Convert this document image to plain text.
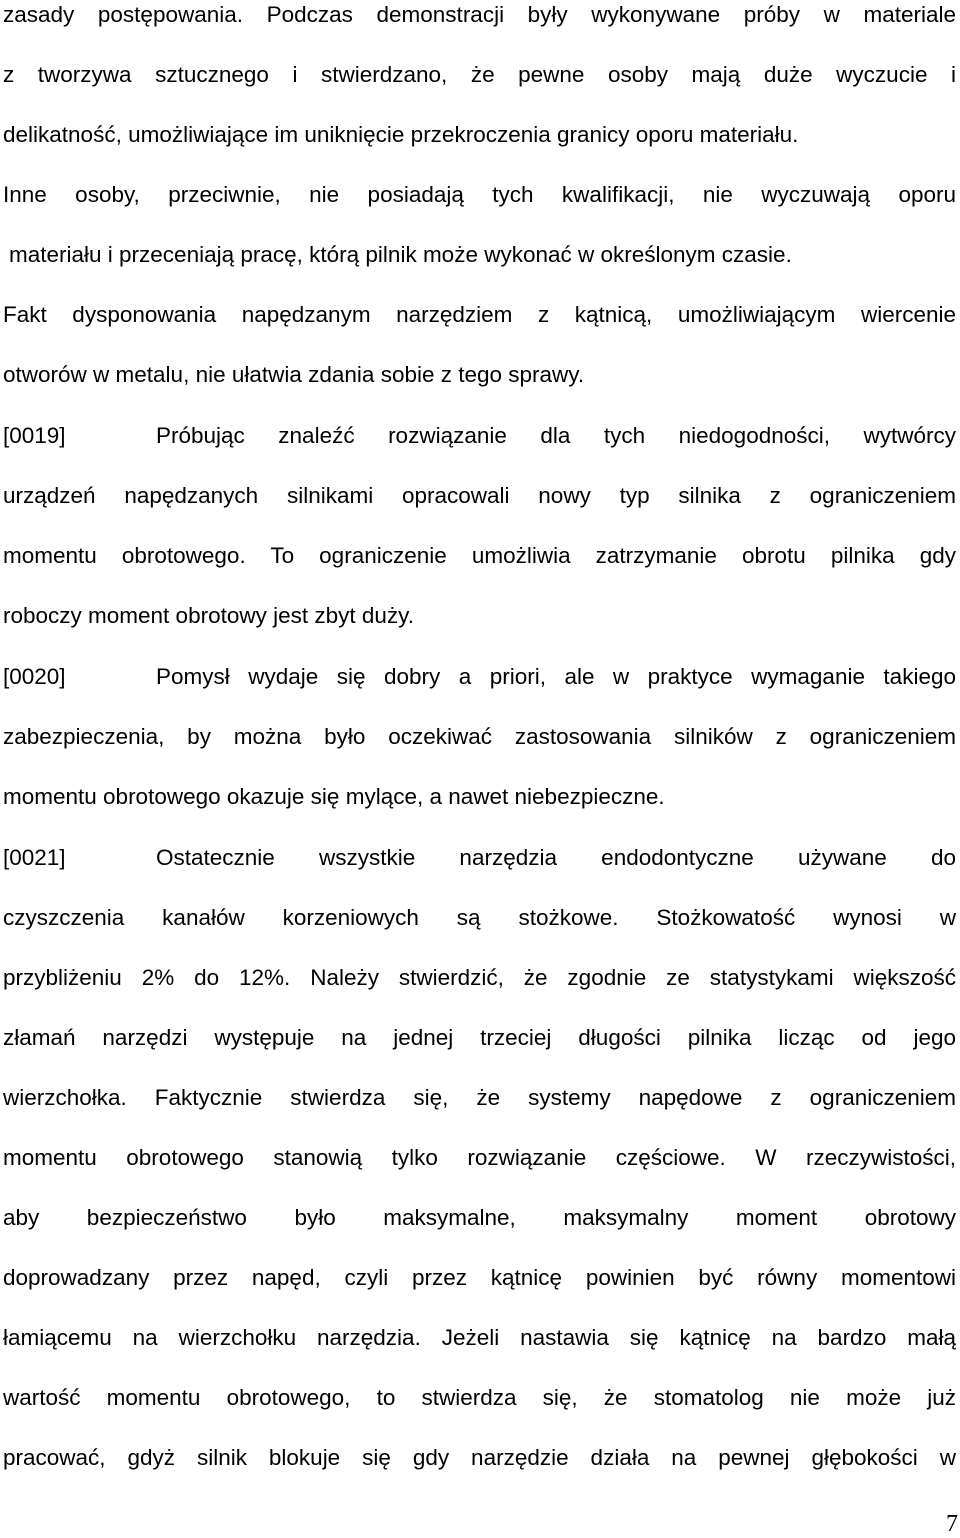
zasady postępowania. Podczas demonstracji były wykonywane próby w materiale
z tworzywa sztucznego i stwierdzano, że pewne osoby mają duże wyczucie i
delikatność, umożliwiające im uniknięcie przekroczenia granicy oporu materiału.
Inne osoby, przeciwnie, nie posiadają tych kwalifikacji, nie wyczuwają oporu
materiału i przeceniają pracę, którą pilnik może wykonać w określonym czasie.
Fakt dysponowania napędzanym narzędziem z kątnicą, umożliwiającym wiercenie
otworów w metalu, nie ułatwia zdania sobie z tego sprawy.
[0019]	Próbując znaleźć rozwiązanie dla tych niedogodności, wytwórcy
urządzeń napędzanych silnikami opracowali nowy typ silnika z ograniczeniem
momentu obrotowego. To ograniczenie umożliwia zatrzymanie obrotu pilnika gdy
roboczy moment obrotowy jest zbyt duży.
[0020]	Pomysł wydaje się dobry a priori, ale w praktyce wymaganie takiego
zabezpieczenia, by można było oczekiwać zastosowania silników z ograniczeniem
momentu obrotowego okazuje się mylące, a nawet niebezpieczne.
[0021]	Ostatecznie wszystkie narzędzia endodontyczne używane do
czyszczenia kanałów korzeniowych są stożkowe. Stożkowatość wynosi w
przybliżeniu 2% do 12%. Należy stwierdzić, że zgodnie ze statystykami większość
złamań narzędzi występuje na jednej trzeciej długości pilnika licząc od jego
wierzchołka. Faktycznie stwierdza się, że systemy napędowe z ograniczeniem
momentu obrotowego stanowią tylko rozwiązanie częściowe. W rzeczywistości,
aby bezpieczeństwo było maksymalne, maksymalny moment obrotowy
doprowadzany przez napęd, czyli przez kątnicę powinien być równy momentowi
łamiącemu na wierzchołku narzędzia. Jeżeli nastawia się kątnicę na bardzo małą
wartość momentu obrotowego, to stwierdza się, że stomatolog nie może już
pracować, gdyż silnik blokuje się gdy narzędzie działa na pewnej głębokości w
7
